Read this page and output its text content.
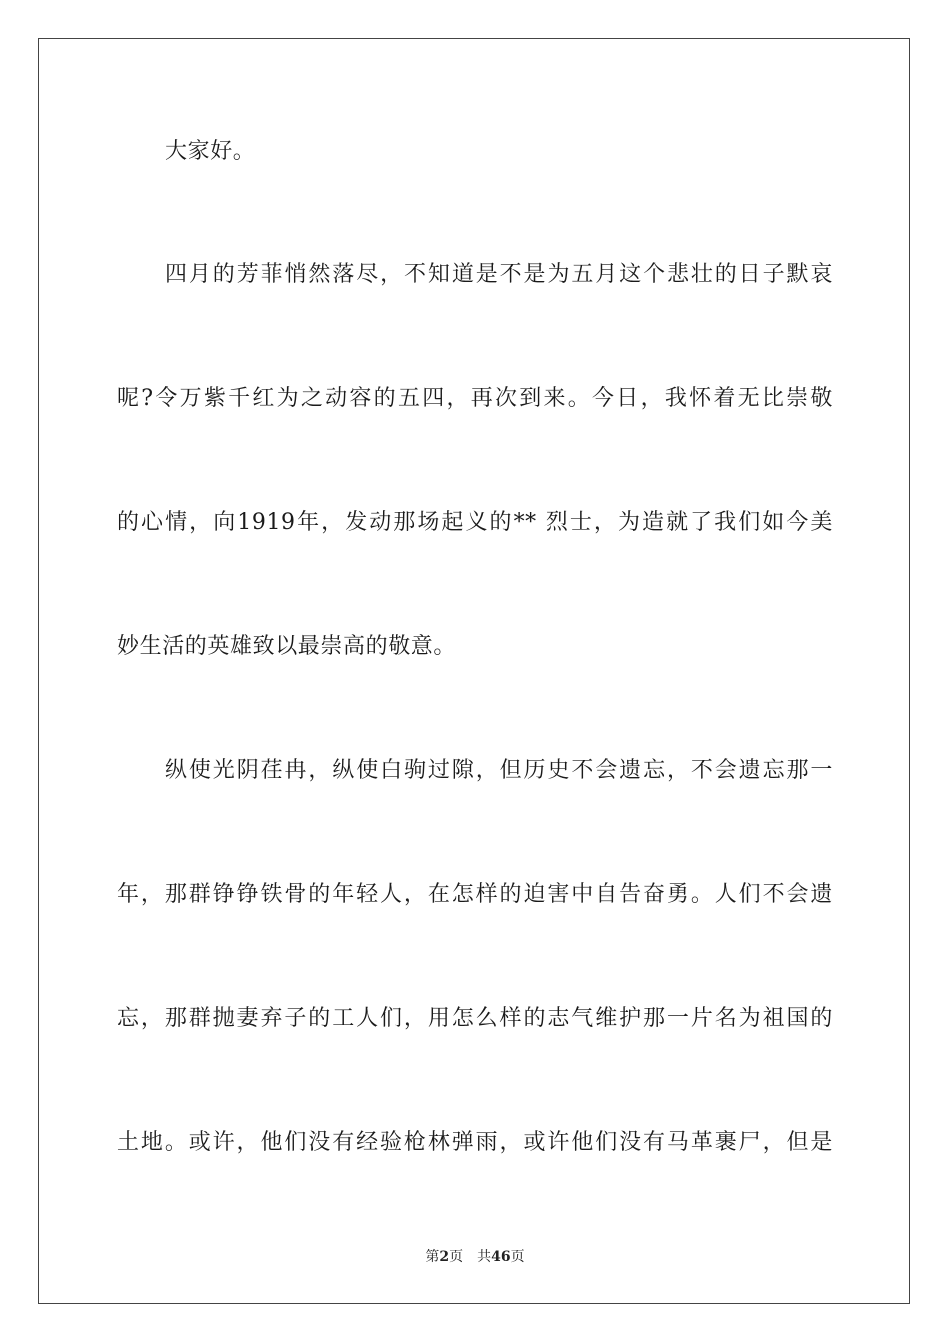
大家好。
四月的芳菲悄然落尽，不知道是不是为五月这个悲壮的日子默哀
呢?令万紫千红为之动容的五四，再次到来。今日，我怀着无比崇敬
的心情，向1919年，发动那场起义的** 烈士，为造就了我们如今美
妙生活的英雄致以最崇高的敬意。
纵使光阴荏冉，纵使白驹过隙，但历史不会遗忘，不会遗忘那一
年，那群铮铮铁骨的年轻人，在怎样的迫害中自告奋勇。人们不会遗
忘，那群抛妻弃子的工人们，用怎么样的志气维护那一片名为祖国的
土地。或许，他们没有经验枪林弹雨，或许他们没有马革裹尸，但是
第2页 共46页
